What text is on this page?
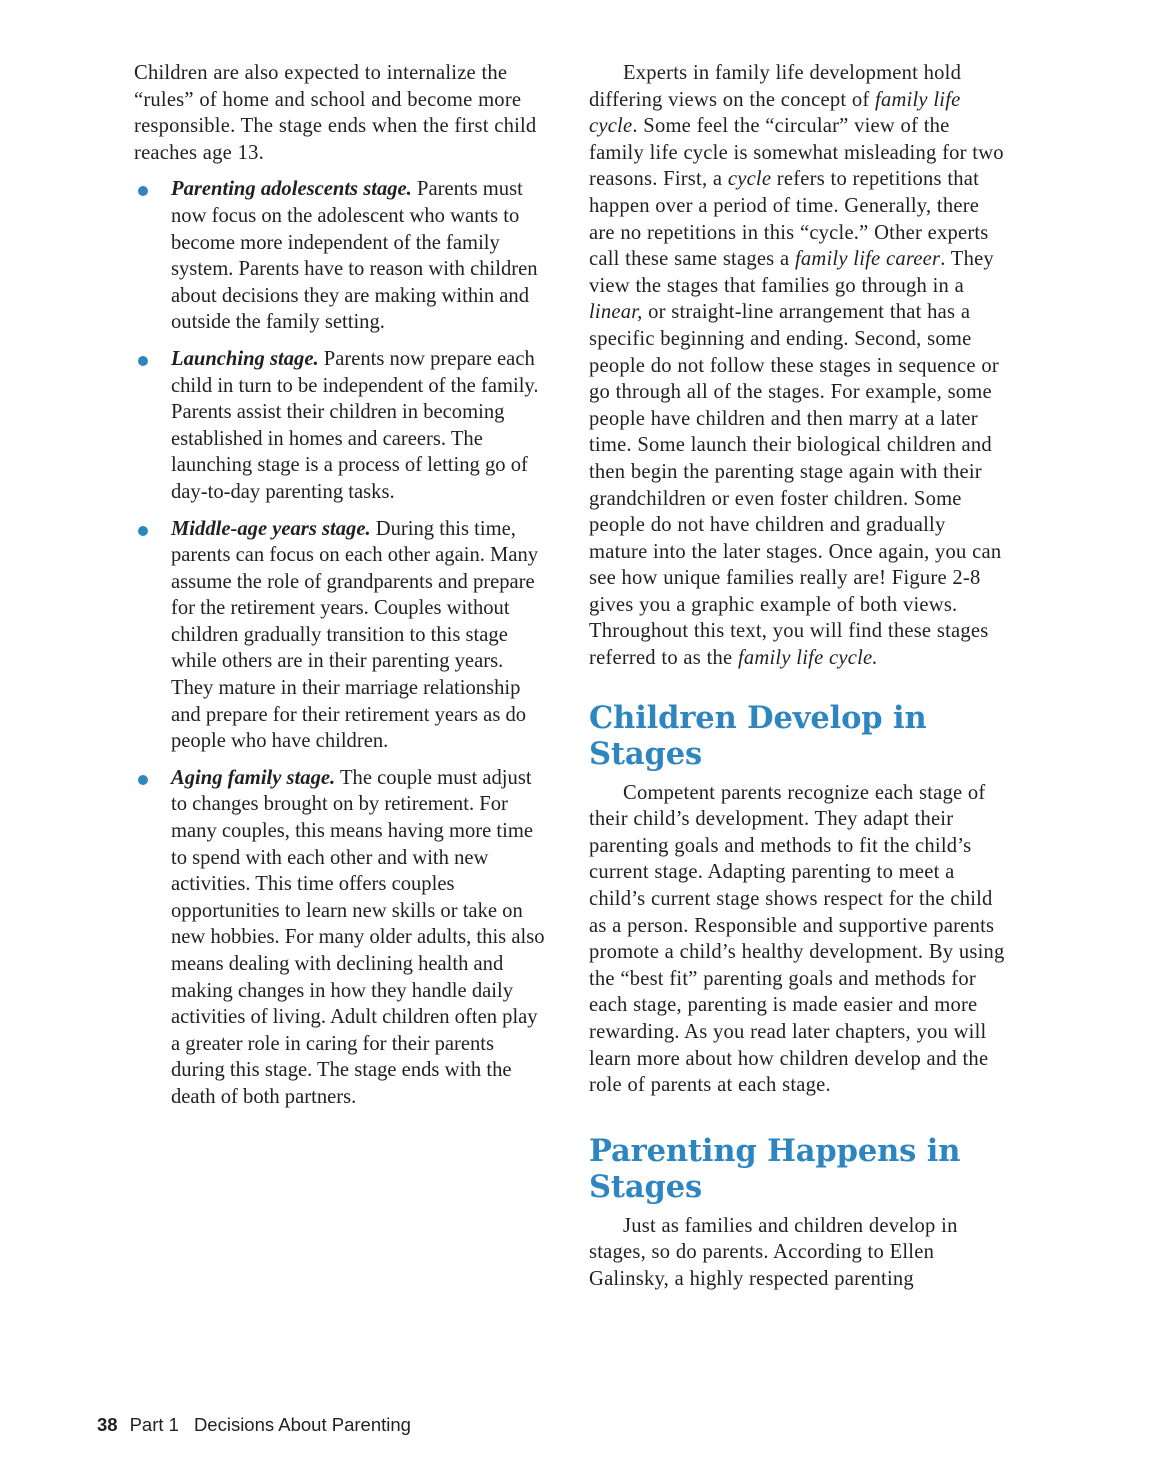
Children are also expected to internalize the “rules” of home and school and become more responsible. The stage ends when the first child reaches age 13.

Parenting adolescents stage. Parents must now focus on the adolescent who wants to become more independent of the family system. Parents have to reason with children about decisions they are making within and outside the family setting.
Launching stage. Parents now prepare each child in turn to be independent of the family. Parents assist their children in becoming established in homes and careers. The launching stage is a process of letting go of day-to-day parenting tasks.
Middle-age years stage. During this time, parents can focus on each other again. Many assume the role of grandparents and prepare for the retirement years. Couples without children gradually transition to this stage while others are in their parenting years. They mature in their marriage relationship and prepare for their retirement years as do people who have children.
Aging family stage. The couple must adjust to changes brought on by retirement. For many couples, this means having more time to spend with each other and with new activities. This time offers couples opportunities to learn new skills or take on new hobbies. For many older adults, this also means dealing with declining health and making changes in how they handle daily activities of living. Adult children often play a greater role in caring for their parents during this stage. The stage ends with the death of both partners.

Experts in family life development hold differing views on the concept of family life cycle. Some feel the “circular” view of the family life cycle is somewhat misleading for two reasons. First, a cycle refers to repetitions that happen over a period of time. Generally, there are no repetitions in this “cycle.” Other experts call these same stages a family life career. They view the stages that families go through in a linear, or straight-line arrangement that has a specific beginning and ending. Second, some people do not follow these stages in sequence or go through all of the stages. For example, some people have children and then marry at a later time. Some launch their biological children and then begin the parenting stage again with their grandchildren or even foster children. Some people do not have children and gradually mature into the later stages. Once again, you can see how unique families really are! Figure 2-8 gives you a graphic example of both views. Throughout this text, you will find these stages referred to as the family life cycle.

Children Develop in Stages

Competent parents recognize each stage of their child’s development. They adapt their parenting goals and methods to fit the child’s current stage. Adapting parenting to meet a child’s current stage shows respect for the child as a person. Responsible and supportive parents promote a child’s healthy development. By using the “best fit” parenting goals and methods for each stage, parenting is made easier and more rewarding. As you read later chapters, you will learn more about how children develop and the role of parents at each stage.

Parenting Happens in Stages

Just as families and children develop in stages, so do parents. According to Ellen Galinsky, a highly respected parenting

38 Part 1 Decisions About Parenting
